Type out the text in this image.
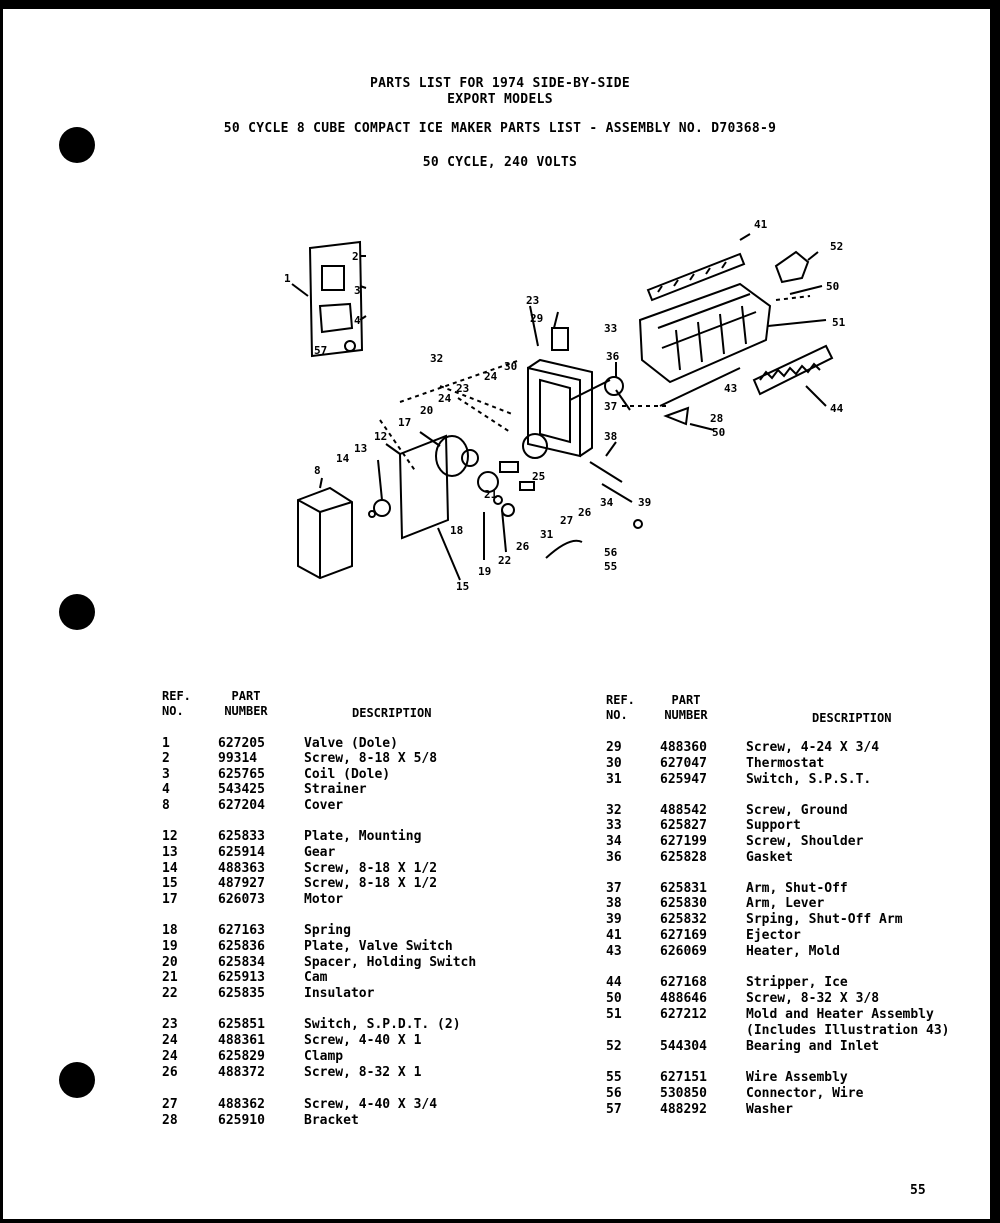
PARTS LIST FOR 1974 SIDE-BY-SIDE
EXPORT MODELS
50 CYCLE 8 CUBE COMPACT ICE MAKER PARTS LIST - ASSEMBLY NO. D70368-9
50 CYCLE, 240 VOLTS
1
2
3
4
57
8
12
13
14
15
17
18
19
20
21
22
23
23
29
24
24
25
26
26
27
28
30
31
32
33
34
36
37
38
39
41
43
44
50
50
51
52
55
56
REF.
NO.
PART
NUMBER	DESCRIPTION
REF.
NO.
PART
NUMBER	DESCRIPTION
1	627205	Valve (Dole)
2	99314	Screw, 8-18 X 5/8
3	625765	Coil (Dole)
4	543425	Strainer
8	627204	Cover
12	625833	Plate, Mounting
13	625914	Gear
14	488363	Screw, 8-18 X 1/2
15	487927	Screw, 8-18 X 1/2
17	626073	Motor
18	627163	Spring
19	625836	Plate, Valve Switch
20	625834	Spacer, Holding Switch
21	625913	Cam
22	625835	Insulator
23	625851	Switch, S.P.D.T. (2)
24	488361	Screw, 4-40 X 1
24	625829	Clamp
26	488372	Screw, 8-32 X 1
27	488362	Screw, 4-40 X 3/4
28	625910	Bracket
29	488360	Screw, 4-24 X 3/4
30	627047	Thermostat
31	625947	Switch, S.P.S.T.
32	488542	Screw, Ground
33	625827	Support
34	627199	Screw, Shoulder
36	625828	Gasket
37	625831	Arm, Shut-Off
38	625830	Arm, Lever
39	625832	Srping, Shut-Off Arm
41	627169	Ejector
43	626069	Heater, Mold
44	627168	Stripper, Ice
50	488646	Screw, 8-32 X 3/8
51	627212	Mold and Heater Assembly
(Includes Illustration 43)
52	544304	Bearing and Inlet
55	627151	Wire Assembly
56	530850	Connector, Wire
57	488292	Washer
55
